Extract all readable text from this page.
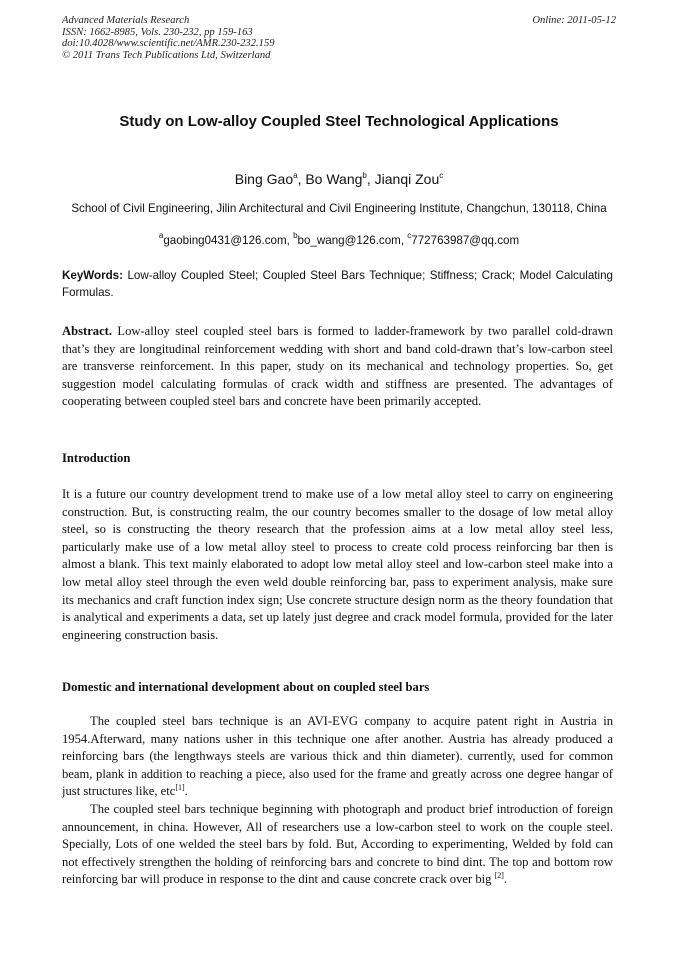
Advanced Materials Research
ISSN: 1662-8985, Vols. 230-232, pp 159-163
doi:10.4028/www.scientific.net/AMR.230-232.159
© 2011 Trans Tech Publications Ltd, Switzerland
Online: 2011-05-12
Study on Low-alloy Coupled Steel Technological Applications
Bing Gao$^a$, Bo Wang$^b$, Jianqi Zou$^c$
School of Civil Engineering, Jilin Architectural and Civil Engineering Institute, Changchun, 130118, China
$^a$gaobing0431@126.com, $^b$bo_wang@126.com, $^c$772763987@qq.com
KeyWords: Low-alloy Coupled Steel; Coupled Steel Bars Technique; Stiffness; Crack; Model Calculating Formulas.

Abstract. Low-alloy steel coupled steel bars is formed to ladder-framework by two parallel cold-drawn that’s they are longitudinal reinforcement wedding with short and band cold-drawn that’s low-carbon steel are transverse reinforcement. In this paper, study on its mechanical and technology properties. So, get suggestion model calculating formulas of crack width and stiffness are presented. The advantages of cooperating between coupled steel bars and concrete have been primarily accepted.

Introduction

It is a future our country development trend to make use of a low metal alloy steel to carry on engineering construction. But, is constructing realm, the our country becomes smaller to the dosage of low metal alloy steel, so is constructing the theory research that the profession aims at a low metal alloy steel less, particularly make use of a low metal alloy steel to process to create cold process reinforcing bar then is almost a blank. This text mainly elaborated to adopt low metal alloy steel and low-carbon steel make into a low metal alloy steel through the even weld double reinforcing bar, pass to experiment analysis, make sure its mechanics and craft function index sign; Use concrete structure design norm as the theory foundation that is analytical and experiments a data, set up lately just degree and crack model formula, provided for the later engineering construction basis.

Domestic and international development about on coupled steel bars

The coupled steel bars technique is an AVI-EVG company to acquire patent right in Austria in 1954.Afterward, many nations usher in this technique one after another. Austria has already produced a reinforcing bars (the lengthways steels are various thick and thin diameter). currently, used for common beam, plank in addition to reaching a piece, also used for the frame and greatly across one degree hangar of just structures like, etc[1].

The coupled steel bars technique beginning with photograph and product brief introduction of foreign announcement, in china. However, All of researchers use a low-carbon steel to work on the couple steel. Specially, Lots of one welded the steel bars by fold. But, According to experimenting, Welded by fold can not effectively strengthen the holding of reinforcing bars and concrete to bind dint. The top and bottom row reinforcing bar will produce in response to the dint and cause concrete crack over big [2].
